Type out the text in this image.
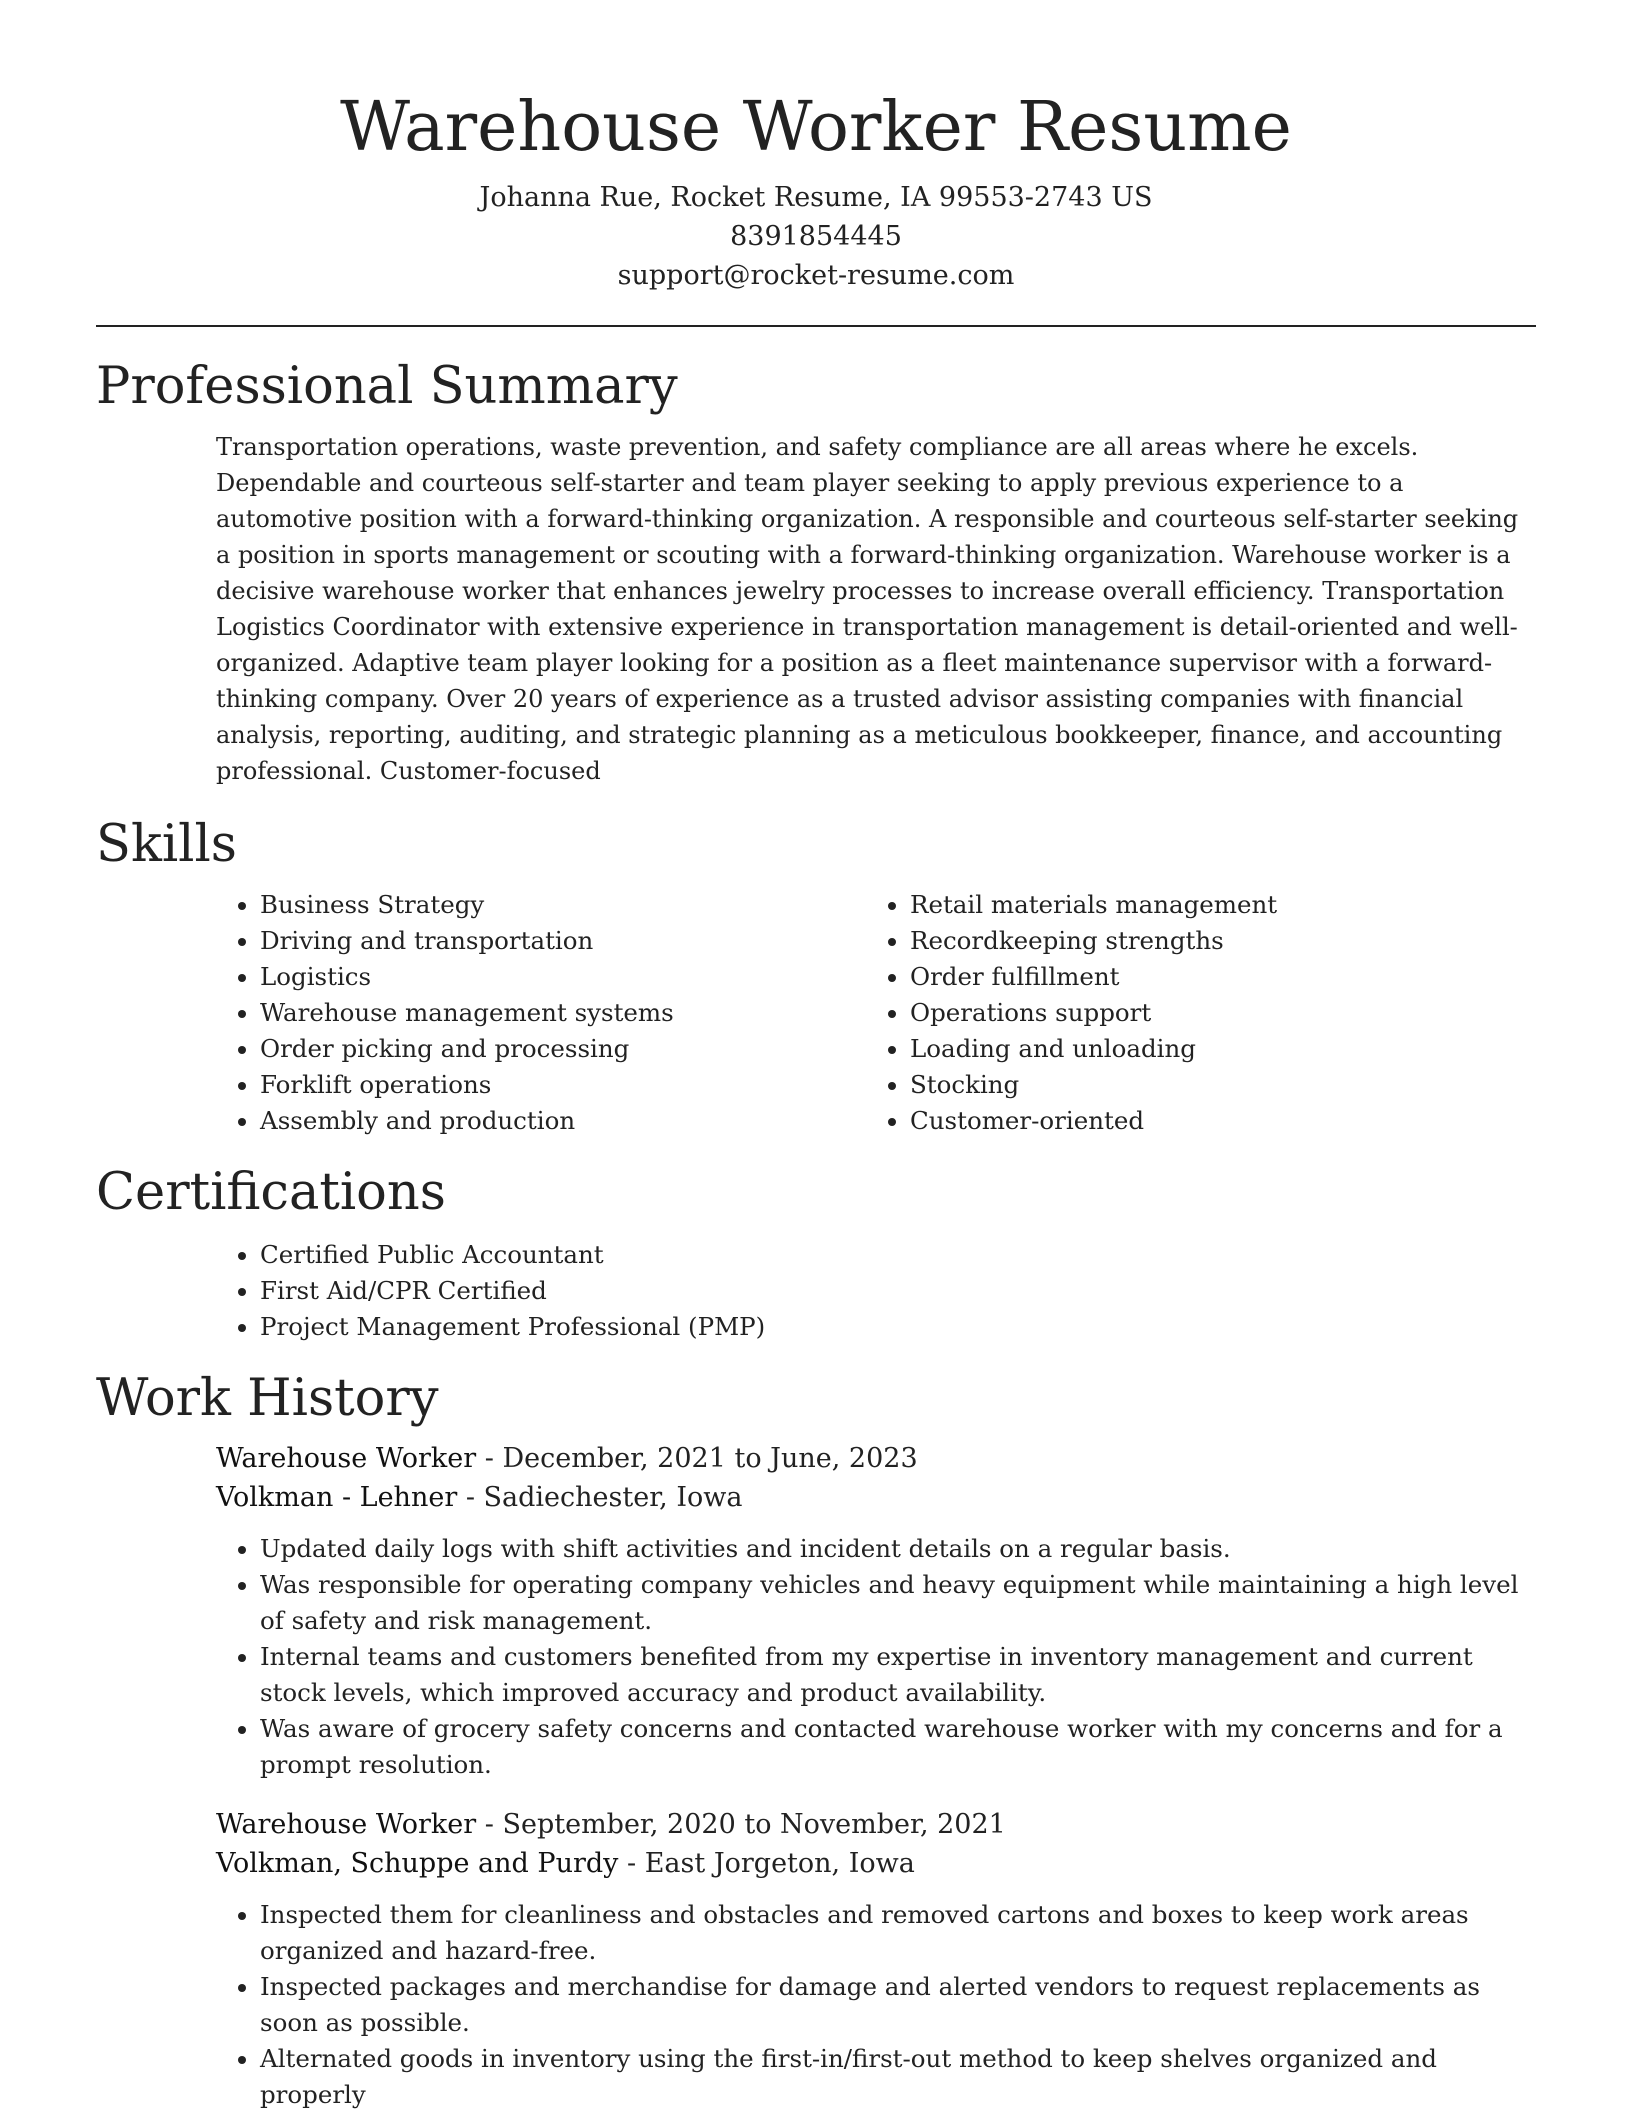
Warehouse Worker Resume

Johanna Rue, Rocket Resume, IA 99553-2743 US

8391854445

support@rocket-resume.com

Professional Summary

Transportation operations, waste prevention, and safety compliance are all areas where he excels. Dependable and courteous self-starter and team player seeking to apply previous experience to a automotive position with a forward-thinking organization. A responsible and courteous self-starter seeking a position in sports management or scouting with a forward-thinking organization. Warehouse worker is a decisive warehouse worker that enhances jewelry processes to increase overall efficiency. Transportation Logistics Coordinator with extensive experience in transportation management is detail-oriented and well-organized. Adaptive team player looking for a position as a fleet maintenance supervisor with a forward-thinking company. Over 20 years of experience as a trusted advisor assisting companies with financial analysis, reporting, auditing, and strategic planning as a meticulous bookkeeper, finance, and accounting professional. Customer-focused

Skills
• Business Strategy
• Driving and transportation
• Logistics
• Warehouse management systems
• Order picking and processing
• Forklift operations
• Assembly and production
• Retail materials management
• Recordkeeping strengths
• Order fulfillment
• Operations support
• Loading and unloading
• Stocking
• Customer-oriented
Certifications
• Certified Public Accountant
• First Aid/CPR Certified
• Project Management Professional (PMP)
Work History

Warehouse Worker - December, 2021 to June, 2023

Volkman - Lehner - Sadiechester, Iowa

• Updated daily logs with shift activities and incident details on a regular basis.
• Was responsible for operating company vehicles and heavy equipment while maintaining a high level of safety and risk management.
• Internal teams and customers benefited from my expertise in inventory management and current stock levels, which improved accuracy and product availability.
• Was aware of grocery safety concerns and contacted warehouse worker with my concerns and for a prompt resolution.

Warehouse Worker - September, 2020 to November, 2021

Volkman, Schuppe and Purdy - East Jorgeton, Iowa

• Inspected them for cleanliness and obstacles and removed cartons and boxes to keep work areas organized and hazard-free.
• Inspected packages and merchandise for damage and alerted vendors to request replacements as soon as possible.
• Alternated goods in inventory using the first-in/first-out method to keep shelves organized and properly
